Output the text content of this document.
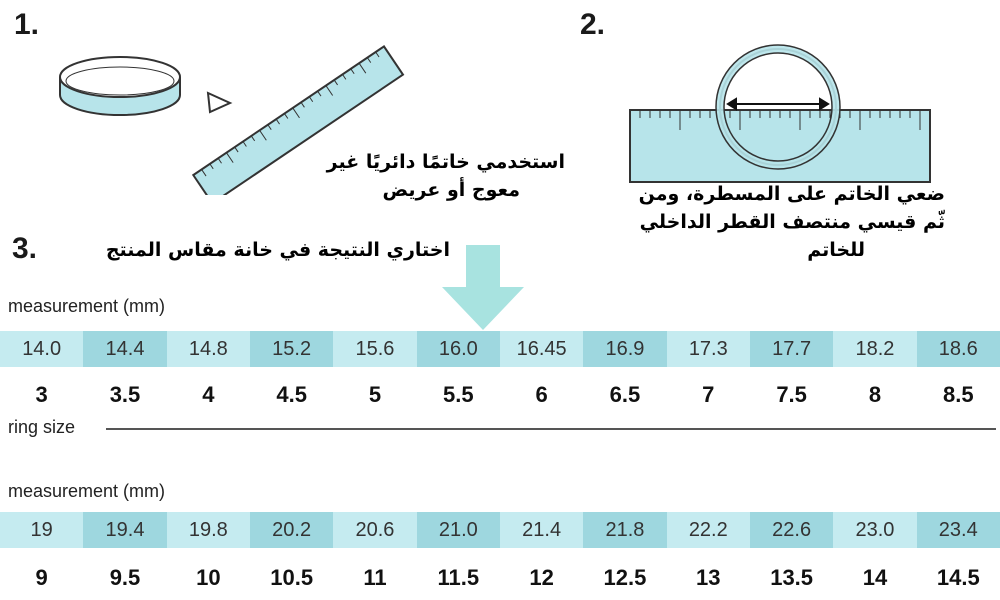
1.	2.
3.
استخدمي خاتمًا دائريًا غير
معوج أو عريض	ضعي الخاتم على المسطرة، ومن
ثّم قيسي منتصف القطر الداخلي
للخاتم
اختاري النتيجة في خانة مقاس المنتج
measurement (mm)
14.0	14.4	14.8	15.2	15.6	16.0	16.45	16.9	17.3	17.7	18.2	18.6
3	3.5	4	4.5	5	5.5	6	6.5	7	7.5	8	8.5
ring size
measurement (mm)
19	19.4	19.8	20.2	20.6	21.0	21.4	21.8	22.2	22.6	23.0	23.4
9	9.5	10	10.5	11	11.5	12	12.5	13	13.5	14	14.5
